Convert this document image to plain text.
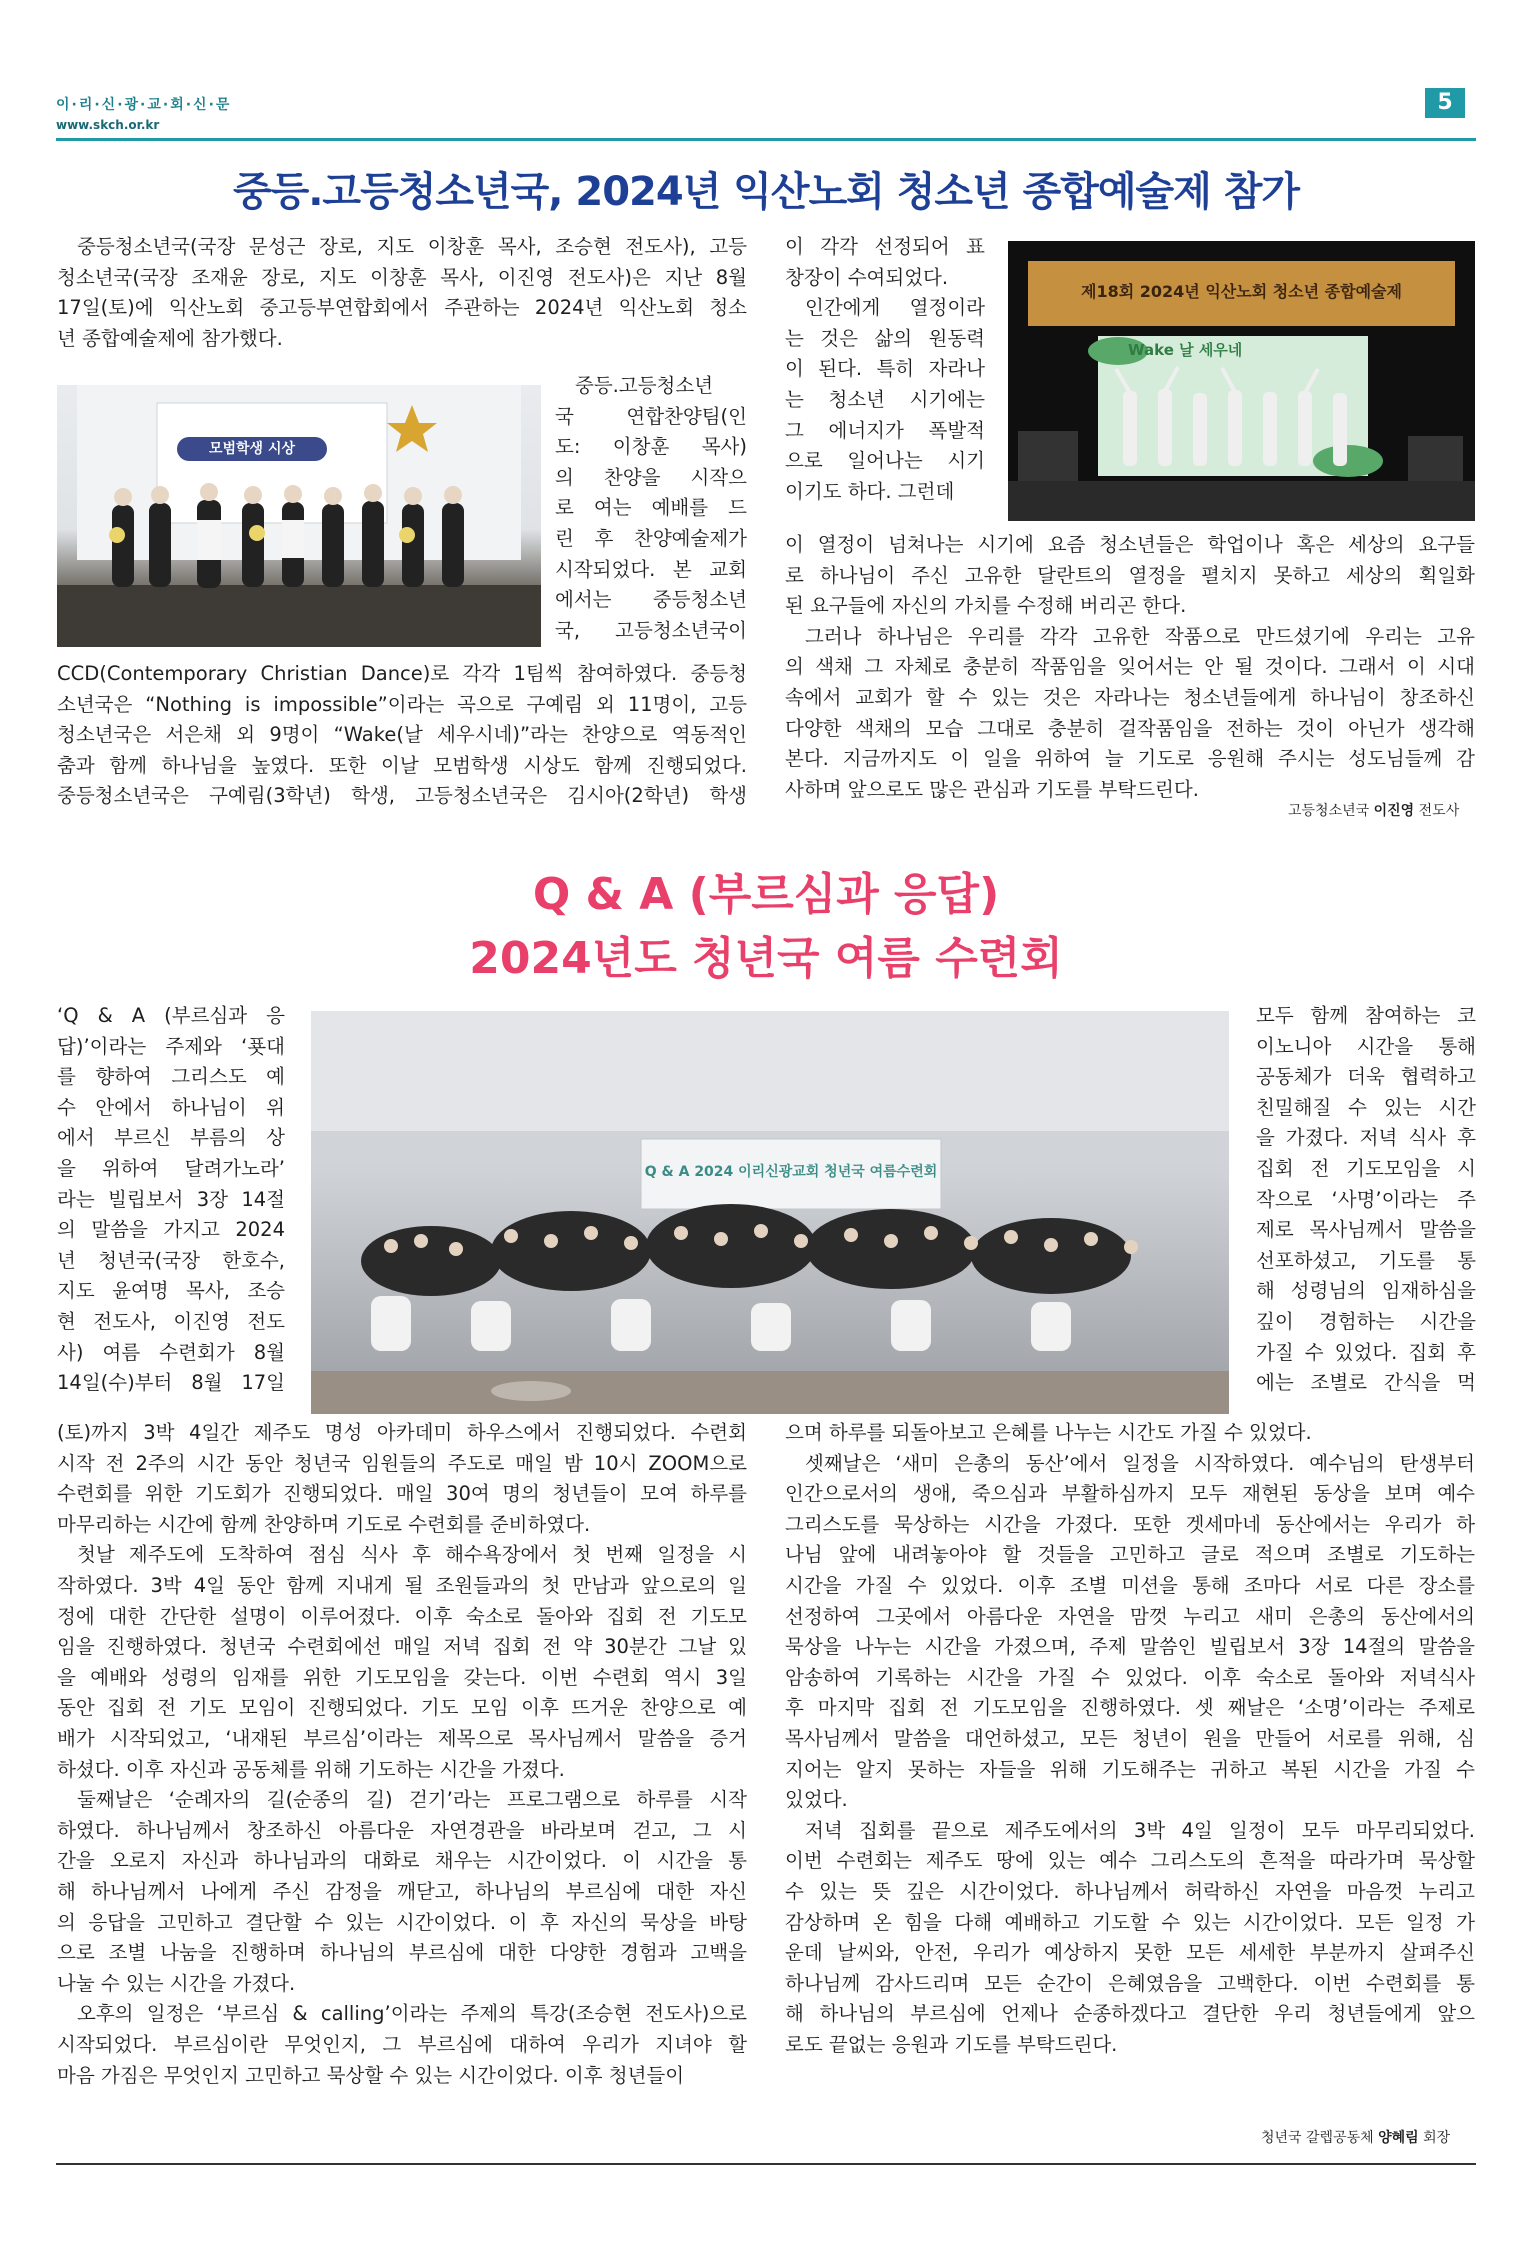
이·리·신·광·교·회·신·문
www.skch.or.kr
5
중등.고등청소년국, 2024년 익산노회 청소년 종합예술제 참가
중등청소년국(국장 문성근 장로, 지도 이창훈 목사, 조승현 전도사), 고등
청소년국(국장 조재윤 장로, 지도 이창훈 목사, 이진영 전도사)은 지난 8월
17일(토)에 익산노회 중고등부연합회에서 주관하는 2024년 익산노회 청소
년 종합예술제에 참가했다.
중등.고등청소년
국 연합찬양팀(인
도: 이창훈 목사)
의 찬양을 시작으
로 여는 예배를 드
린 후 찬양예술제가
시작되었다. 본 교회
에서는 중등청소년
국, 고등청소년국이
CCD(Contemporary Christian Dance)로 각각 1팀씩 참여하였다. 중등청
소년국은 “Nothing is impossible”이라는 곡으로 구예림 외 11명이, 고등
청소년국은 서은채 외 9명이 “Wake(날 세우시네)”라는 찬양으로 역동적인
춤과 함께 하나님을 높였다. 또한 이날 모범학생 시상도 함께 진행되었다.
중등청소년국은 구예림(3학년) 학생, 고등청소년국은 김시아(2학년) 학생
이 각각 선정되어 표
창장이 수여되었다.
인간에게 열정이라
는 것은 삶의 원동력
이 된다. 특히 자라나
는 청소년 시기에는
그 에너지가 폭발적
으로 일어나는 시기
이기도 하다. 그런데
이 열정이 넘쳐나는 시기에 요즘 청소년들은 학업이나 혹은 세상의 요구들
로 하나님이 주신 고유한 달란트의 열정을 펼치지 못하고 세상의 획일화
된 요구들에 자신의 가치를 수정해 버리곤 한다.
그러나 하나님은 우리를 각각 고유한 작품으로 만드셨기에 우리는 고유
의 색채 그 자체로 충분히 작품임을 잊어서는 안 될 것이다. 그래서 이 시대
속에서 교회가 할 수 있는 것은 자라나는 청소년들에게 하나님이 창조하신
다양한 색채의 모습 그대로 충분히 걸작품임을 전하는 것이 아닌가 생각해
본다. 지금까지도 이 일을 위하여 늘 기도로 응원해 주시는 성도님들께 감
사하며 앞으로도 많은 관심과 기도를 부탁드린다.
모범학생 시상
제18회 2024년 익산노회 청소년 종합예술제
Wake 날 세우네
고등청소년국 이진영 전도사
Q & A (부르심과 응답)
2024년도 청년국 여름 수련회
‘Q & A (부르심과 응
답)’이라는 주제와 ‘푯대
를 향하여 그리스도 예
수 안에서 하나님이 위
에서 부르신 부름의 상
을 위하여 달려가노라’
라는 빌립보서 3장 14절
의 말씀을 가지고 2024
년 청년국(국장 한호수,
지도 윤여명 목사, 조승
현 전도사, 이진영 전도
사) 여름 수련회가 8월
14일(수)부터 8월 17일
모두 함께 참여하는 코
이노니아 시간을 통해
공동체가 더욱 협력하고
친밀해질 수 있는 시간
을 가졌다. 저녁 식사 후
집회 전 기도모임을 시
작으로 ‘사명’이라는 주
제로 목사님께서 말씀을
선포하셨고, 기도를 통
해 성령님의 임재하심을
깊이 경험하는 시간을
가질 수 있었다. 집회 후
에는 조별로 간식을 먹
(토)까지 3박 4일간 제주도 명성 아카데미 하우스에서 진행되었다. 수련회
시작 전 2주의 시간 동안 청년국 임원들의 주도로 매일 밤 10시 ZOOM으로
수련회를 위한 기도회가 진행되었다. 매일 30여 명의 청년들이 모여 하루를
마무리하는 시간에 함께 찬양하며 기도로 수련회를 준비하였다.
첫날 제주도에 도착하여 점심 식사 후 해수욕장에서 첫 번째 일정을 시
작하였다. 3박 4일 동안 함께 지내게 될 조원들과의 첫 만남과 앞으로의 일
정에 대한 간단한 설명이 이루어졌다. 이후 숙소로 돌아와 집회 전 기도모
임을 진행하였다. 청년국 수련회에선 매일 저녁 집회 전 약 30분간 그날 있
을 예배와 성령의 임재를 위한 기도모임을 갖는다. 이번 수련회 역시 3일
동안 집회 전 기도 모임이 진행되었다. 기도 모임 이후 뜨거운 찬양으로 예
배가 시작되었고, ‘내재된 부르심’이라는 제목으로 목사님께서 말씀을 증거
하셨다. 이후 자신과 공동체를 위해 기도하는 시간을 가졌다.
둘째날은 ‘순례자의 길(순종의 길) 걷기’라는 프로그램으로 하루를 시작
하였다. 하나님께서 창조하신 아름다운 자연경관을 바라보며 걷고, 그 시
간을 오로지 자신과 하나님과의 대화로 채우는 시간이었다. 이 시간을 통
해 하나님께서 나에게 주신 감정을 깨닫고, 하나님의 부르심에 대한 자신
의 응답을 고민하고 결단할 수 있는 시간이었다. 이 후 자신의 묵상을 바탕
으로 조별 나눔을 진행하며 하나님의 부르심에 대한 다양한 경험과 고백을
나눌 수 있는 시간을 가졌다.
오후의 일정은 ‘부르심 & calling’이라는 주제의 특강(조승현 전도사)으로
시작되었다. 부르심이란 무엇인지, 그 부르심에 대하여 우리가 지녀야 할
마음 가짐은 무엇인지 고민하고 묵상할 수 있는 시간이었다. 이후 청년들이
으며 하루를 되돌아보고 은혜를 나누는 시간도 가질 수 있었다.
셋째날은 ‘새미 은총의 동산’에서 일정을 시작하였다. 예수님의 탄생부터
인간으로서의 생애, 죽으심과 부활하심까지 모두 재현된 동상을 보며 예수
그리스도를 묵상하는 시간을 가졌다. 또한 겟세마네 동산에서는 우리가 하
나님 앞에 내려놓아야 할 것들을 고민하고 글로 적으며 조별로 기도하는
시간을 가질 수 있었다. 이후 조별 미션을 통해 조마다 서로 다른 장소를
선정하여 그곳에서 아름다운 자연을 맘껏 누리고 새미 은총의 동산에서의
묵상을 나누는 시간을 가졌으며, 주제 말씀인 빌립보서 3장 14절의 말씀을
암송하여 기록하는 시간을 가질 수 있었다. 이후 숙소로 돌아와 저녁식사
후 마지막 집회 전 기도모임을 진행하였다. 셋 째날은 ‘소명’이라는 주제로
목사님께서 말씀을 대언하셨고, 모든 청년이 원을 만들어 서로를 위해, 심
지어는 알지 못하는 자들을 위해 기도해주는 귀하고 복된 시간을 가질 수
있었다.
저녁 집회를 끝으로 제주도에서의 3박 4일 일정이 모두 마무리되었다.
이번 수련회는 제주도 땅에 있는 예수 그리스도의 흔적을 따라가며 묵상할
수 있는 뜻 깊은 시간이었다. 하나님께서 허락하신 자연을 마음껏 누리고
감상하며 온 힘을 다해 예배하고 기도할 수 있는 시간이었다. 모든 일정 가
운데 날씨와, 안전, 우리가 예상하지 못한 모든 세세한 부분까지 살펴주신
하나님께 감사드리며 모든 순간이 은혜였음을 고백한다. 이번 수련회를 통
해 하나님의 부르심에 언제나 순종하겠다고 결단한 우리 청년들에게 앞으
로도 끝없는 응원과 기도를 부탁드린다.
Q & A 2024 이리신광교회 청년국 여름수련회
청년국 갈렙공동체 양혜림 회장
